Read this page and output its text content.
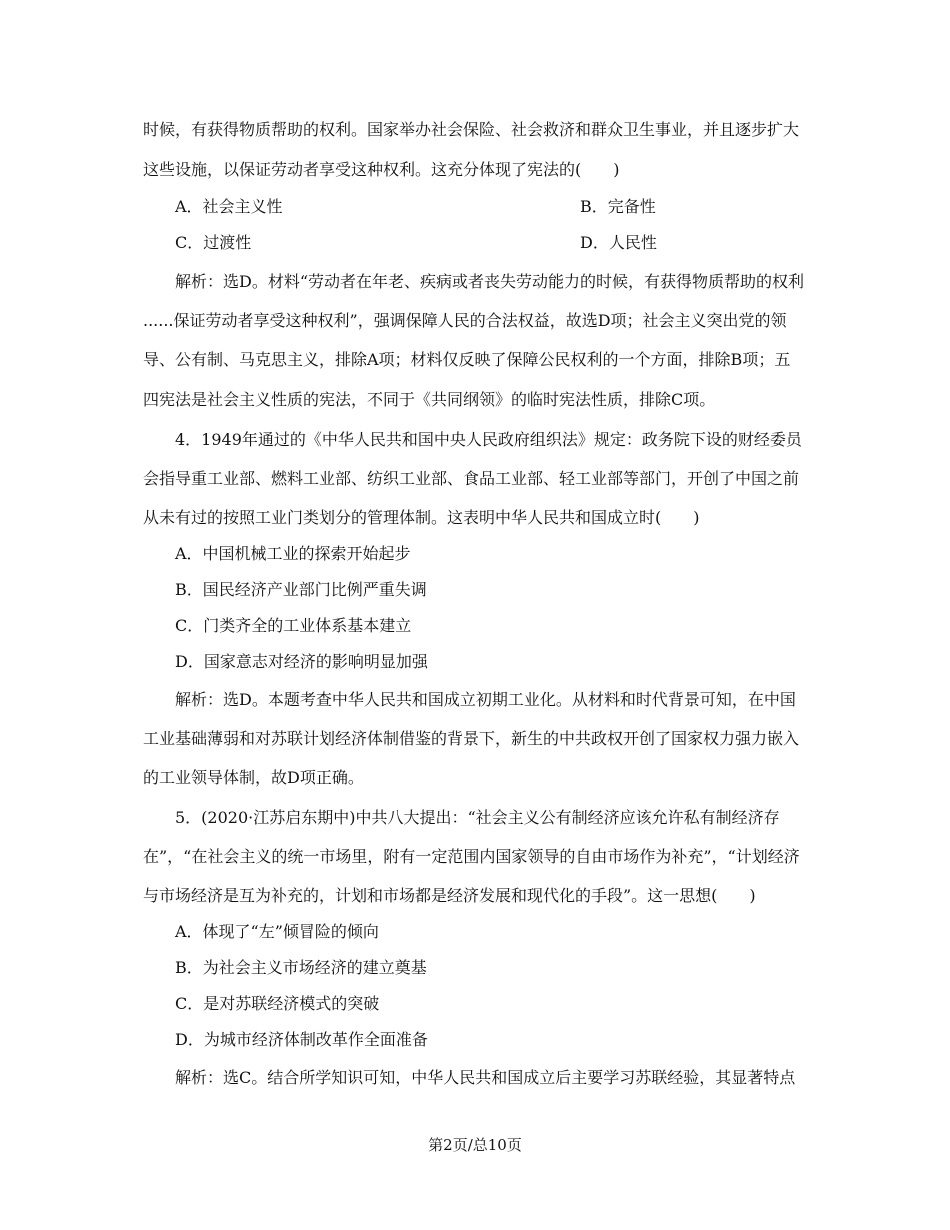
时候，有获得物质帮助的权利。国家举办社会保险、社会救济和群众卫生事业，并且逐步扩大
这些设施，以保证劳动者享受这种权利。这充分体现了宪法的(　　)
A．社会主义性	B．完备性
C．过渡性	D．人民性
解析：选D。材料“劳动者在年老、疾病或者丧失劳动能力的时候，有获得物质帮助的权利
......保证劳动者享受这种权利”，强调保障人民的合法权益，故选D项；社会主义突出党的领
导、公有制、马克思主义，排除A项；材料仅反映了保障公民权利的一个方面，排除B项；五
四宪法是社会主义性质的宪法，不同于《共同纲领》的临时宪法性质，排除C项。
4．1949年通过的《中华人民共和国中央人民政府组织法》规定：政务院下设的财经委员
会指导重工业部、燃料工业部、纺织工业部、食品工业部、轻工业部等部门，开创了中国之前
从未有过的按照工业门类划分的管理体制。这表明中华人民共和国成立时(　　)
A．中国机械工业的探索开始起步
B．国民经济产业部门比例严重失调
C．门类齐全的工业体系基本建立
D．国家意志对经济的影响明显加强
解析：选D。本题考查中华人民共和国成立初期工业化。从材料和时代背景可知，在中国
工业基础薄弱和对苏联计划经济体制借鉴的背景下，新生的中共政权开创了国家权力强力嵌入
的工业领导体制，故D项正确。
5．(2020·江苏启东期中)中共八大提出：“社会主义公有制经济应该允许私有制经济存
在”，“在社会主义的统一市场里，附有一定范围内国家领导的自由市场作为补充”，“计划经济
与市场经济是互为补充的，计划和市场都是经济发展和现代化的手段”。这一思想(　　)
A．体现了“左”倾冒险的倾向
B．为社会主义市场经济的建立奠基
C．是对苏联经济模式的突破
D．为城市经济体制改革作全面准备
解析：选C。结合所学知识可知，中华人民共和国成立后主要学习苏联经验，其显著特点
第2页/总10页
